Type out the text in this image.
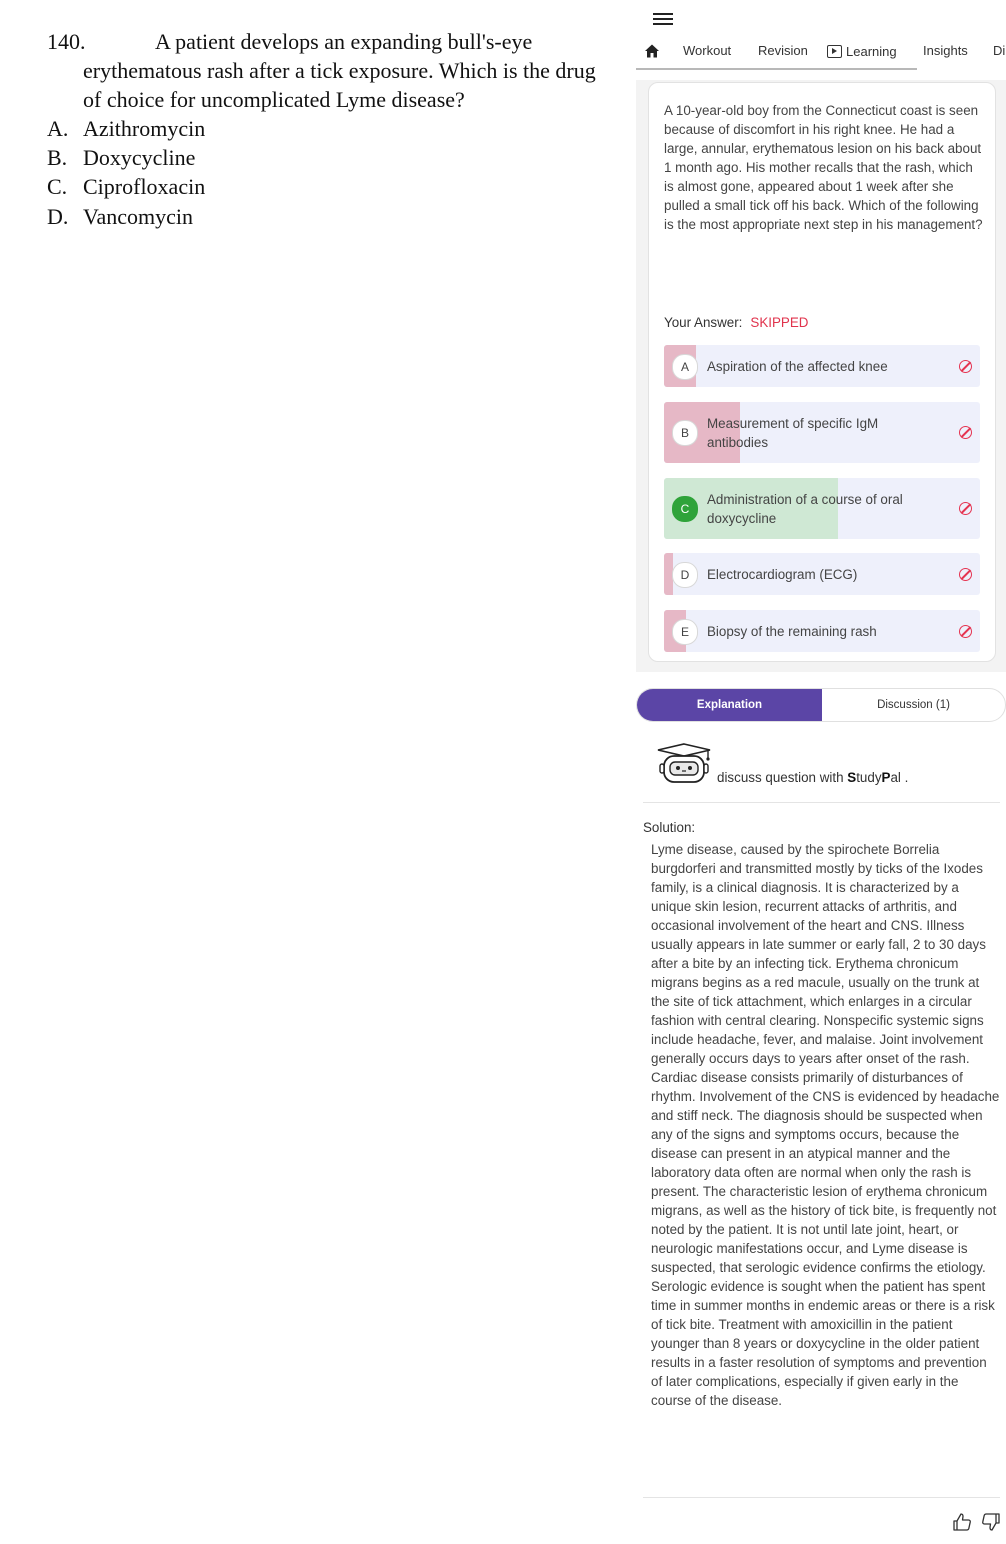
140.	A patient develops an expanding bull's-eye erythematous rash after a tick exposure. Which is the drug of choice for uncomplicated Lyme disease?
A. Azithromycin
B. Doxycycline
C. Ciprofloxacin
D. Vancomycin
Workout Revision	Learning Insights Di
A 10-year-old boy from the Connecticut coast is seen because of discomfort in his right knee. He had a large, annular, erythematous lesion on his back about 1 month ago. His mother recalls that the rash, which is almost gone, appeared about 1 week after she pulled a small tick off his back. Which of the following is the most appropriate next step in his management?
Your Answer: SKIPPED
A	Aspiration of the affected knee
B
Measurement of specific IgM antibodies
C
Administration of a course of oral doxycycline
D	Electrocardiogram (ECG)
E	Biopsy of the remaining rash
Explanation	Discussion (1)
discuss question with StudyPal .
Solution:
Lyme disease, caused by the spirochete Borrelia burgdorferi and transmitted mostly by ticks of the Ixodes family, is a clinical diagnosis. It is characterized by a unique skin lesion, recurrent attacks of arthritis, and occasional involvement of the heart and CNS. Illness usually appears in late summer or early fall, 2 to 30 days after a bite by an infecting tick. Erythema chronicum migrans begins as a red macule, usually on the trunk at the site of tick attachment, which enlarges in a circular fashion with central clearing. Nonspecific systemic signs include headache, fever, and malaise. Joint involvement generally occurs days to years after onset of the rash. Cardiac disease consists primarily of disturbances of rhythm. Involvement of the CNS is evidenced by headache and stiff neck. The diagnosis should be suspected when any of the signs and symptoms occurs, because the disease can present in an atypical manner and the laboratory data often are normal when only the rash is present. The characteristic lesion of erythema chronicum migrans, as well as the history of tick bite, is frequently not noted by the patient. It is not until late joint, heart, or neurologic manifestations occur, and Lyme disease is suspected, that serologic evidence confirms the etiology. Serologic evidence is sought when the patient has spent time in summer months in endemic areas or there is a risk of tick bite. Treatment with amoxicillin in the patient younger than 8 years or doxycycline in the older patient results in a faster resolution of symptoms and prevention of later complications, especially if given early in the course of the disease.
